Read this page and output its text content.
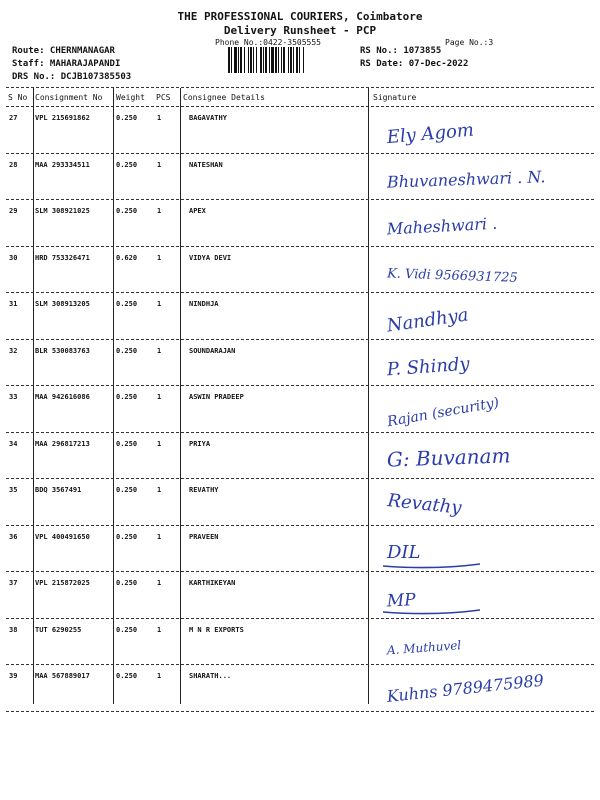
THE PROFESSIONAL COURIERS, Coimbatore
Delivery Runsheet - PCP
Phone No.:0422-3505555	Page No.:3
Route: CHERNMANAGAR
Staff: MAHARAJAPANDI
DRS No.: DCJB107385503
RS No.: 1073855
RS Date: 07-Dec-2022
S No Consignment No Weight PCS Consignee Details	Signature
27	VPL 215691862	0.250	1	BAGAVATHY
Ely Agom
28	MAA 293334511	0.250	1	NATESHAN
Bhuvaneshwari . N.
29	SLM 308921025	0.250	1	APEX
Maheshwari .
30	HRD 753326471	0.620	1	VIDYA DEVI
K. Vidi 9566931725
31	SLM 308913205	0.250	1	NINDHJA
Nandhya
32	BLR 530083763	0.250	1	SOUNDARAJAN
P. Shindy
33	MAA 942616086	0.250	1	ASWIN PRADEEP	Rajan (security)
34	MAA 296817213	0.250	1	PRIYA	G: Buvanam
35	BDQ 3567491	0.250	1	REVATHY
Revathy
36	VPL 400491650	0.250	1	PRAVEEN
DIL
37	VPL 215872025	0.250	1	KARTHIKEYAN
MP
38	TUT 6290255	0.250	1	M N R EXPORTS
A. Muthuvel
39	MAA 567889017	0.250	1	SHARATH...	Kuhns 9789475989
